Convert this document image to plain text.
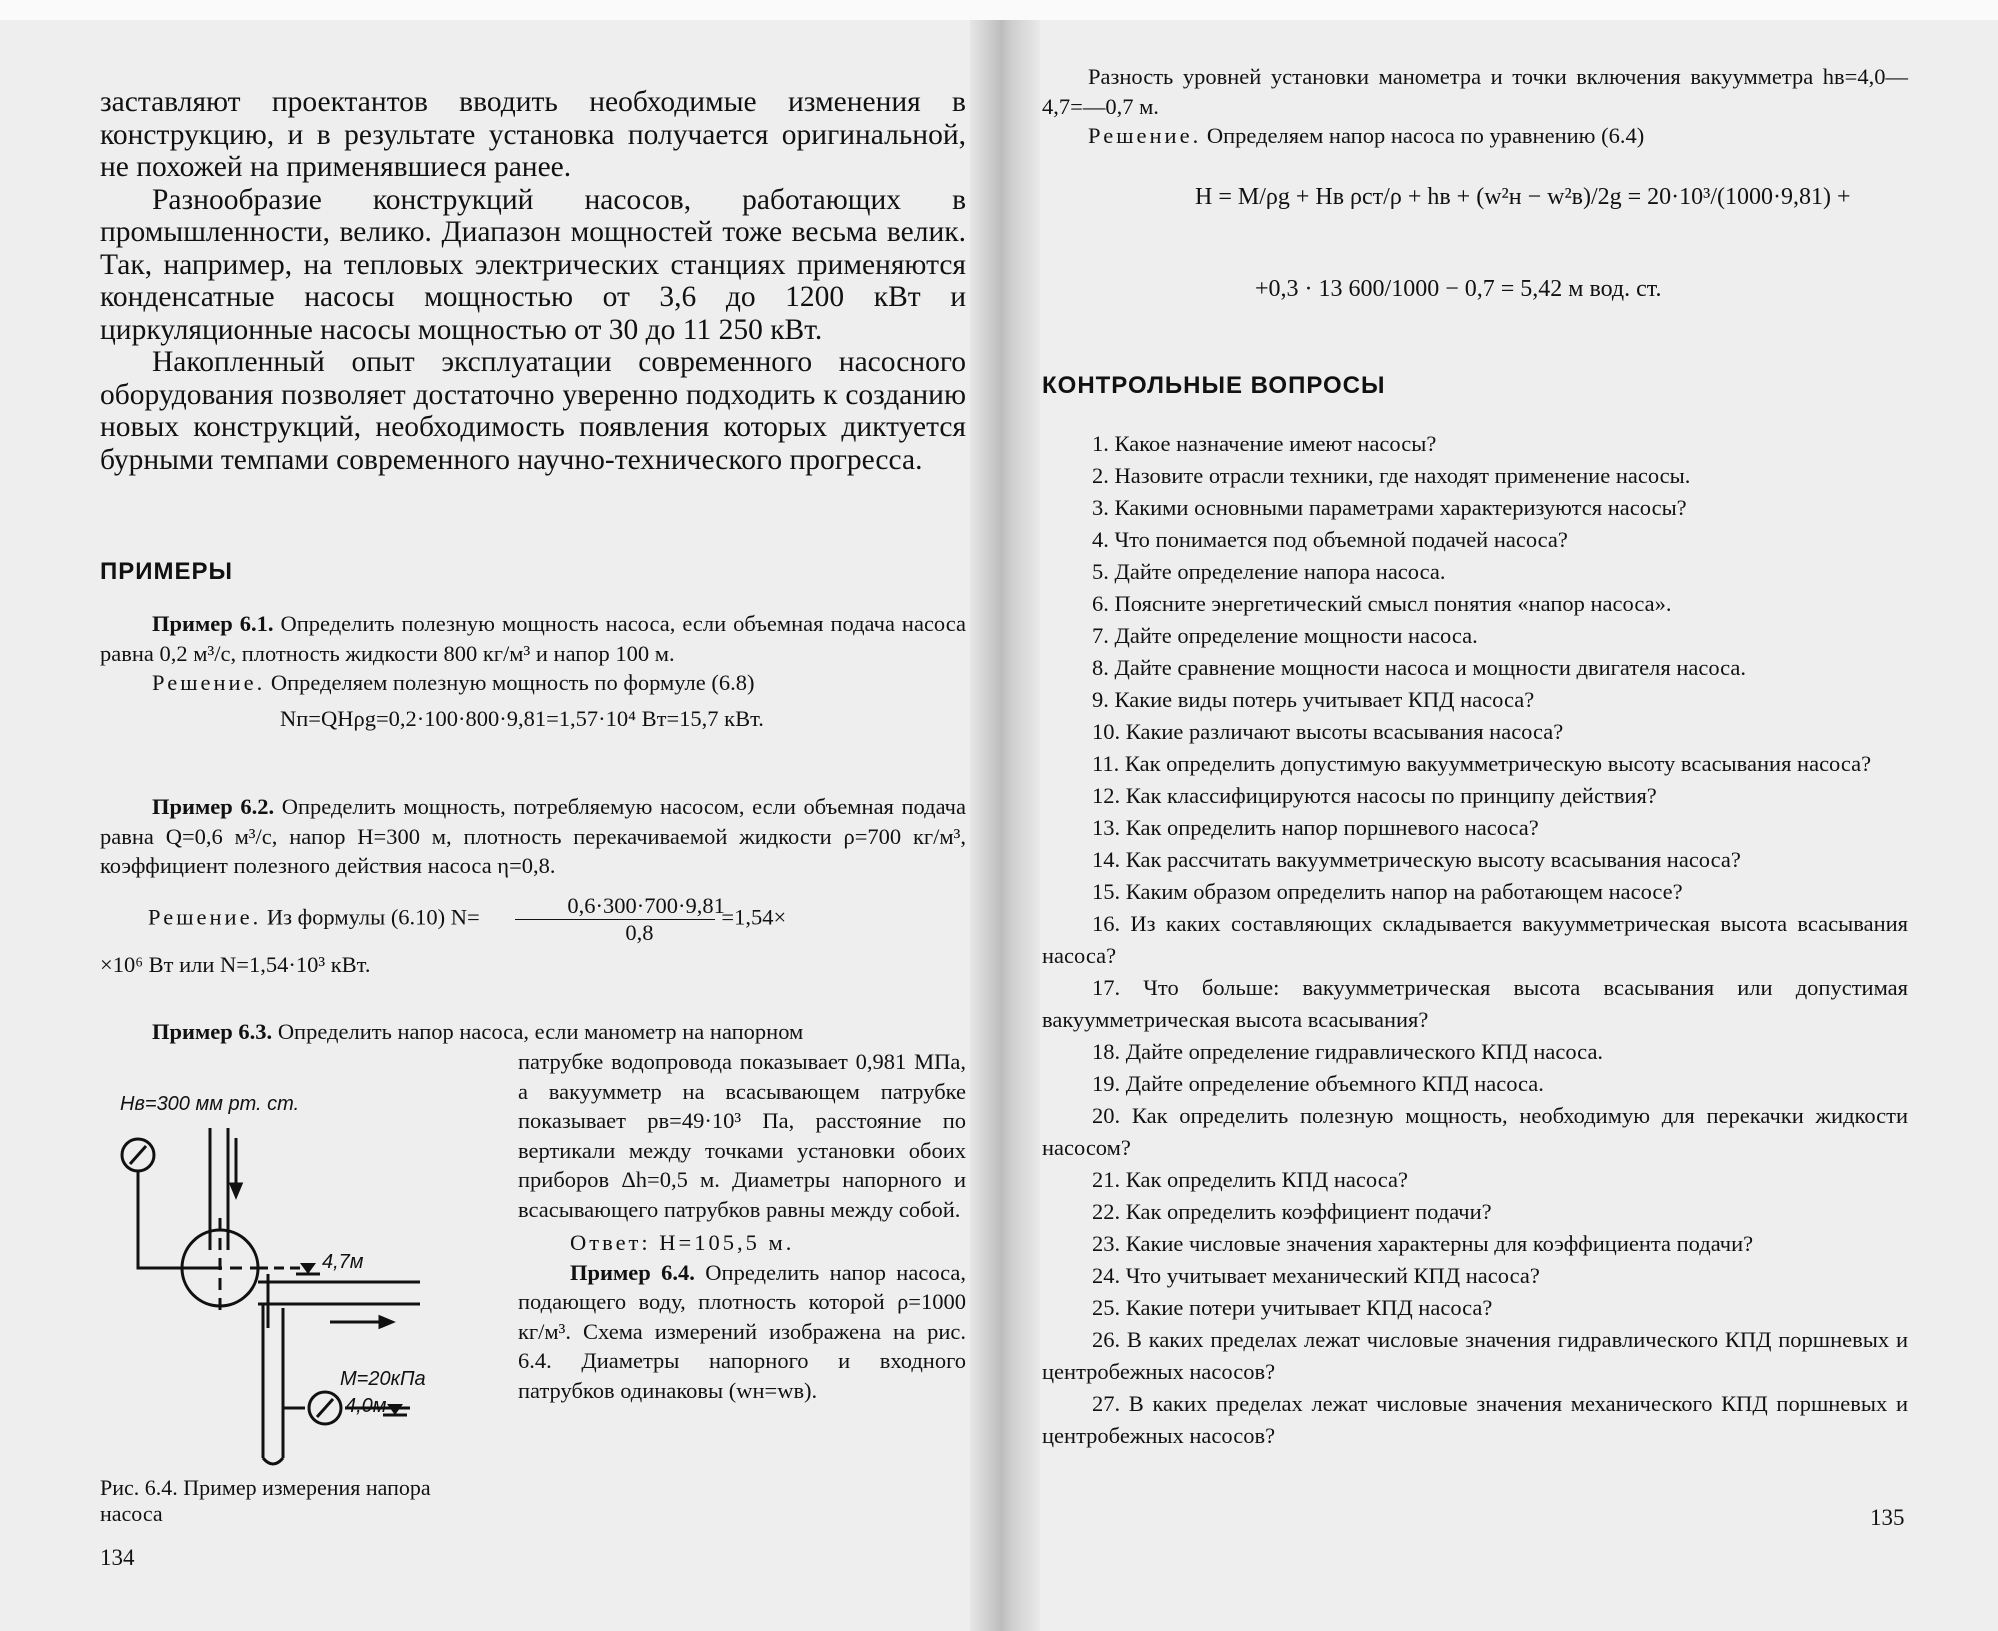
заставляют проектантов вводить необходимые изменения в конструкцию, и в результате установка получается оригинальной, не похожей на применявшиеся ранее.

Разнообразие конструкций насосов, работающих в промышленности, велико. Диапазон мощностей тоже весьма велик. Так, например, на тепловых электрических станциях применяются конденсатные насосы мощностью от 3,6 до 1200 кВт и циркуляционные насосы мощностью от 30 до 11 250 кВт.

Накопленный опыт эксплуатации современного насосного оборудования позволяет достаточно уверенно подходить к созданию новых конструкций, необходимость появления которых диктуется бурными темпами современного научно-технического прогресса.

ПРИМЕРЫ

Пример 6.1. Определить полезную мощность насоса, если объемная подача насоса равна 0,2 м³/с, плотность жидкости 800 кг/м³ и напор 100 м.

Решение. Определяем полезную мощность по формуле (6.8)

Nп=QHρg=0,2·100·800·9,81=1,57·10⁴ Вт=15,7 кВт.

Пример 6.2. Определить мощность, потребляемую насосом, если объемная подача равна Q=0,6 м³/с, напор H=300 м, плотность перекачиваемой жидкости ρ=700 кг/м³, коэффициент полезного действия насоса η=0,8.

Решение. Из формулы (6.10) $N= \frac{0,6\cdot 300\cdot 700\cdot 9,81}{0,8} =1,54\times$

×10⁶ Вт или N=1,54·10³ кВт.

Пример 6.3. Определить напор насоса, если манометр на напорном

патрубке водопровода показывает 0,981 МПа, а вакуумметр на всасывающем патрубке показывает pв=49·10³ Па, расстояние по вертикали между точками установки обоих приборов Δh=0,5 м. Диаметры напорного и всасывающего патрубков равны между собой.

Ответ: H=105,5 м.

Пример 6.4. Определить напор насоса, подающего воду, плотность которой ρ=1000 кг/м³. Схема измерений изображена на рис. 6.4. Диаметры напорного и входного патрубков одинаковы (wн=wв).

Hв=300 мм рт. ст.
4,7м
M=20кПа
4,0м
Рис. 6.4. Пример измерения напора насоса
134

Разность уровней установки манометра и точки включения вакуумметра hв=4,0—4,7=—0,7 м.

Решение. Определяем напор насоса по уравнению (6.4)

H = M/ρg + Hв ρст/ρ + hв + (w²н − w²в)/2g = 20·10³/(1000·9,81) +
+0,3 · 13 600/1000 − 0,7 = 5,42 м вод. ст.
КОНТРОЛЬНЫЕ ВОПРОСЫ
1. Какое назначение имеют насосы?
2. Назовите отрасли техники, где находят применение насосы.
3. Какими основными параметрами характеризуются насосы?
4. Что понимается под объемной подачей насоса?
5. Дайте определение напора насоса.
6. Поясните энергетический смысл понятия «напор насоса».
7. Дайте определение мощности насоса.
8. Дайте сравнение мощности насоса и мощности двигателя насоса.
9. Какие виды потерь учитывает КПД насоса?
10. Какие различают высоты всасывания насоса?
11. Как определить допустимую вакуумметрическую высоту всасывания насоса?
12. Как классифицируются насосы по принципу действия?
13. Как определить напор поршневого насоса?
14. Как рассчитать вакуумметрическую высоту всасывания насоса?
15. Каким образом определить напор на работающем насосе?
16. Из каких составляющих складывается вакуумметрическая высота всасывания насоса?
17. Что больше: вакуумметрическая высота всасывания или допустимая вакуумметрическая высота всасывания?
18. Дайте определение гидравлического КПД насоса.
19. Дайте определение объемного КПД насоса.
20. Как определить полезную мощность, необходимую для перекачки жидкости насосом?
21. Как определить КПД насоса?
22. Как определить коэффициент подачи?
23. Какие числовые значения характерны для коэффициента подачи?
24. Что учитывает механический КПД насоса?
25. Какие потери учитывает КПД насоса?
26. В каких пределах лежат числовые значения гидравлического КПД поршневых и центробежных насосов?
27. В каких пределах лежат числовые значения механического КПД поршневых и центробежных насосов?
135
